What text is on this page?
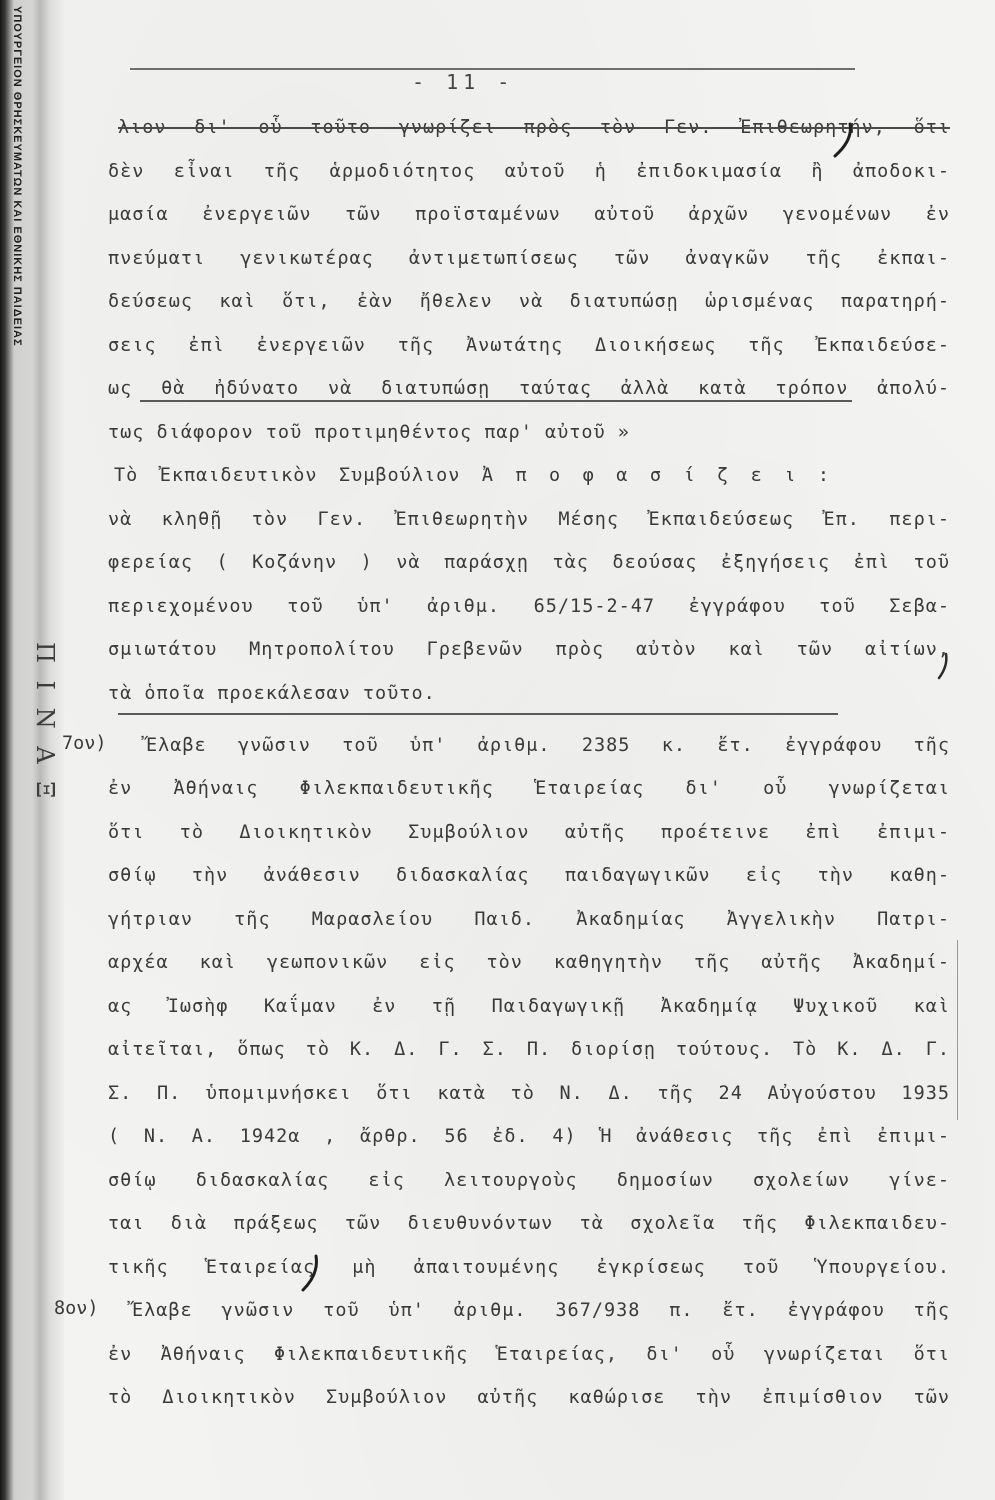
ΥΠΟΥΡΓΕΙΟΝ ΘΡΗΣΚΕΥΜΑΤΩΝ ΚΑΙ ΕΘΝΙΚΗΣ ΠΑΙΔΕΙΑΣ
Π Ι Ν Α Ξ
- 11 -
7ον)
8ον)
λιον δι' οὗ τοῦτο γνωρίζει πρὸς τὸν Γεν. Ἐπιθεωρητήν, ὅτι
δὲν εἶναι τῆς ἁρμοδιότητος αὐτοῦ ἡ ἐπιδοκιμασία ἢ ἀποδοκι-
μασία ἐνεργειῶν τῶν προϊσταμένων αὐτοῦ ἀρχῶν γενομένων ἐν
πνεύματι γενικωτέρας ἀντιμετωπίσεως τῶν ἀναγκῶν τῆς ἐκπαι-
δεύσεως καὶ ὅτι, ἐὰν ἤθελεν νὰ διατυπώσῃ ὡρισμένας παρατηρή-
σεις ἐπὶ ἐνεργειῶν τῆς Ἀνωτάτης Διοικήσεως τῆς Ἐκπαιδεύσε-
ως θὰ ἠδύνατο νὰ διατυπώσῃ ταύτας ἀλλὰ κατὰ τρόπον ἀπολύ-
τως διάφορον τοῦ προτιμηθέντος παρ' αὐτοῦ »
Τὸ Ἐκπαιδευτικὸν Συμβούλιον Ἀ π ο φ α σ ί ζ ε ι :
νὰ κληθῇ τὸν Γεν. Ἐπιθεωρητὴν Μέσης Ἐκπαιδεύσεως Ἐπ. περι-
φερείας ( Κοζάνην ) νὰ παράσχῃ τὰς δεούσας ἐξηγήσεις ἐπὶ τοῦ
περιεχομένου τοῦ ὑπ' ἀριθμ. 65/15-2-47 ἐγγράφου τοῦ Σεβα-
σμιωτάτου Μητροπολίτου Γρεβενῶν πρὸς αὐτὸν καὶ τῶν αἰτίων,
τὰ ὁποῖα προεκάλεσαν τοῦτο.
Ἔλαβε γνῶσιν τοῦ ὑπ' ἀριθμ. 2385 κ. ἔτ. ἐγγράφου τῆς
ἐν Ἀθήναις Φιλεκπαιδευτικῆς Ἑταιρείας δι' οὗ γνωρίζεται
ὅτι τὸ Διοικητικὸν Συμβούλιον αὐτῆς προέτεινε ἐπὶ ἐπιμι-
σθίῳ τὴν ἀνάθεσιν διδασκαλίας παιδαγωγικῶν εἰς τὴν καθη-
γήτριαν τῆς Μαρασλείου Παιδ. Ἀκαδημίας Ἀγγελικὴν Πατρι-
αρχέα καὶ γεωπονικῶν εἰς τὸν καθηγητὴν τῆς αὐτῆς Ἀκαδημί-
ας Ἰωσὴφ Καΐμαν ἐν τῇ Παιδαγωγικῇ Ἀκαδημίᾳ Ψυχικοῦ καὶ
αἰτεῖται, ὅπως τὸ Κ. Δ. Γ. Σ. Π. διορίσῃ τούτους. Τὸ Κ. Δ. Γ.
Σ. Π. ὑπομιμνήσκει ὅτι κατὰ τὸ Ν. Δ. τῆς 24 Αὐγούστου 1935
( Ν. Α. 1942α , ἄρθρ. 56 ἐδ. 4) Ἡ ἀνάθεσις τῆς ἐπὶ ἐπιμι-
σθίῳ διδασκαλίας εἰς λειτουργοὺς δημοσίων σχολείων γίνε-
ται διὰ πράξεως τῶν διευθυνόντων τὰ σχολεῖα τῆς Φιλεκπαιδευ-
τικῆς Ἑταιρείας μὴ ἀπαιτουμένης ἐγκρίσεως τοῦ Ὑπουργείου.
Ἔλαβε γνῶσιν τοῦ ὑπ' ἀριθμ. 367/938 π. ἔτ. ἐγγράφου τῆς
ἐν Ἀθήναις Φιλεκπαιδευτικῆς Ἑταιρείας, δι' οὗ γνωρίζεται ὅτι
τὸ Διοικητικὸν Συμβούλιον αὐτῆς καθώρισε τὴν ἐπιμίσθιον τῶν
